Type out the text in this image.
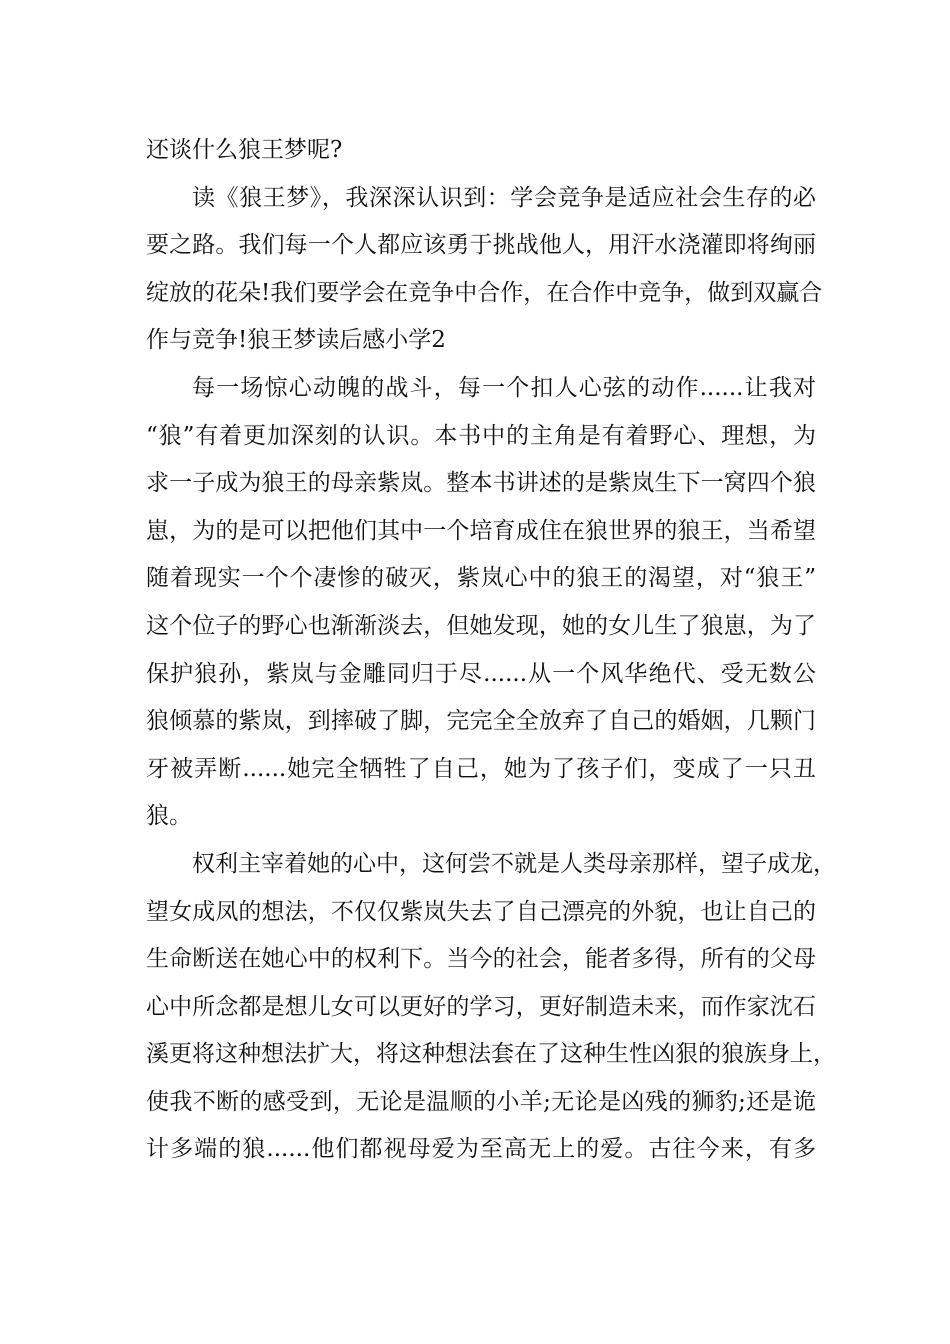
还谈什么狼王梦呢?
读《狼王梦》，我深深认识到：学会竞争是适应社会生存的必
要之路。我们每一个人都应该勇于挑战他人，用汗水浇灌即将绚丽
绽放的花朵!我们要学会在竞争中合作，在合作中竞争，做到双赢合
作与竞争!狼王梦读后感小学2
每一场惊心动魄的战斗，每一个扣人心弦的动作......让我对
“狼”有着更加深刻的认识。本书中的主角是有着野心、理想，为
求一子成为狼王的母亲紫岚。整本书讲述的是紫岚生下一窝四个狼
崽，为的是可以把他们其中一个培育成住在狼世界的狼王，当希望
随着现实一个个凄惨的破灭，紫岚心中的狼王的渴望，对“狼王”
这个位子的野心也渐渐淡去，但她发现，她的女儿生了狼崽，为了
保护狼孙，紫岚与金雕同归于尽......从一个风华绝代、受无数公
狼倾慕的紫岚，到摔破了脚，完完全全放弃了自己的婚姻，几颗门
牙被弄断......她完全牺牲了自己，她为了孩子们，变成了一只丑
狼。
权利主宰着她的心中，这何尝不就是人类母亲那样，望子成龙，
望女成凤的想法，不仅仅紫岚失去了自己漂亮的外貌，也让自己的
生命断送在她心中的权利下。当今的社会，能者多得，所有的父母
心中所念都是想儿女可以更好的学习，更好制造未来，而作家沈石
溪更将这种想法扩大，将这种想法套在了这种生性凶狠的狼族身上，
使我不断的感受到，无论是温顺的小羊;无论是凶残的狮豹;还是诡
计多端的狼......他们都视母爱为至高无上的爱。古往今来，有多
